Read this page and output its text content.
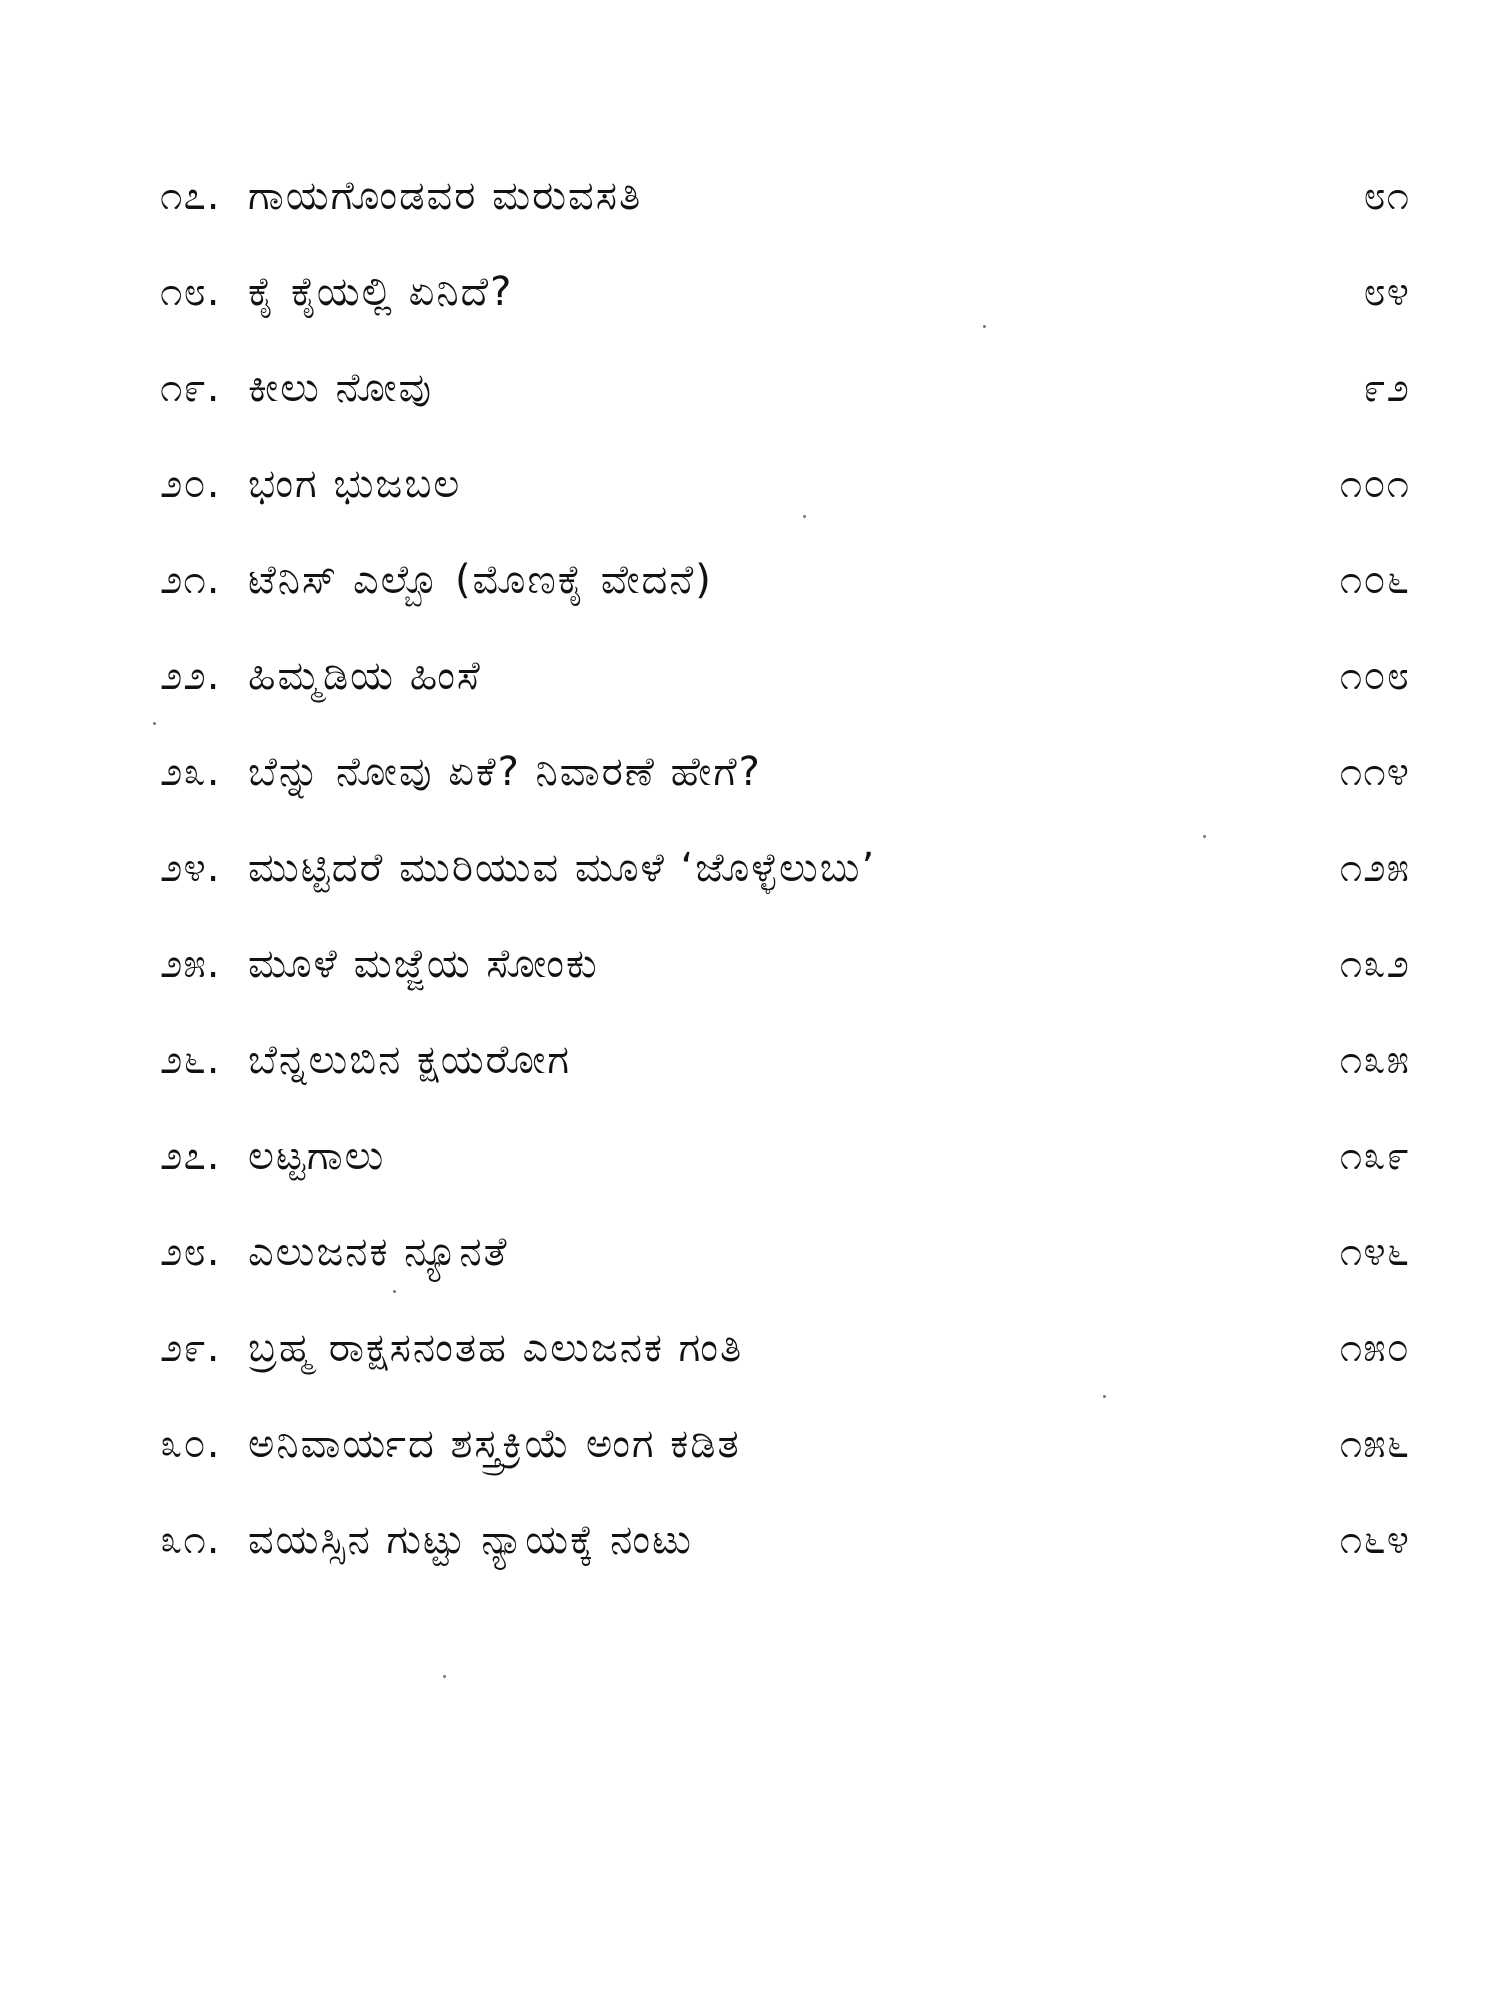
೧೭. ಗಾಯಗೊಂಡವರ ಮರುವಸತಿ	೮೧
೧೮. ಕೈ ಕೈಯಲ್ಲಿ ಏನಿದೆ?	೮೪
೧೯. ಕೀಲು ನೋವು	೯೨
೨೦. ಭಂಗ ಭುಜಬಲ	೧೦೧
೨೧. ಟೆನಿಸ್ ಎಲ್ಬೊ (ಮೊಣಕೈ ವೇದನೆ)	೧೦೬
೨೨. ಹಿಮ್ಮಡಿಯ ಹಿಂಸೆ	೧೦೮
೨೩. ಬೆನ್ನು ನೋವು ಏಕೆ? ನಿವಾರಣೆ ಹೇಗೆ?	೧೧೪
೨೪. ಮುಟ್ಟಿದರೆ ಮುರಿಯುವ ಮೂಳೆ ‘ಜೊಳ್ಳೆಲುಬು’	೧೨೫
೨೫. ಮೂಳೆ ಮಜ್ಜೆಯ ಸೋಂಕು	೧೩೨
೨೬. ಬೆನ್ನಲುಬಿನ ಕ್ಷಯರೋಗ	೧೩೫
೨೭. ಲಟ್ಟಗಾಲು	೧೩೯
೨೮. ಎಲುಜನಕ ನ್ಯೂನತೆ	೧೪೬
೨೯. ಬ್ರಹ್ಮ ರಾಕ್ಷಸನಂತಹ ಎಲುಜನಕ ಗಂತಿ	೧೫೦
೩೦. ಅನಿವಾರ್ಯದ ಶಸ್ತ್ರಕ್ರಿಯೆ ಅಂಗ ಕಡಿತ	೧೫೬
೩೧. ವಯಸ್ಸಿನ ಗುಟ್ಟು ನ್ಯಾಯಕ್ಕೆ ನಂಟು	೧೬೪
